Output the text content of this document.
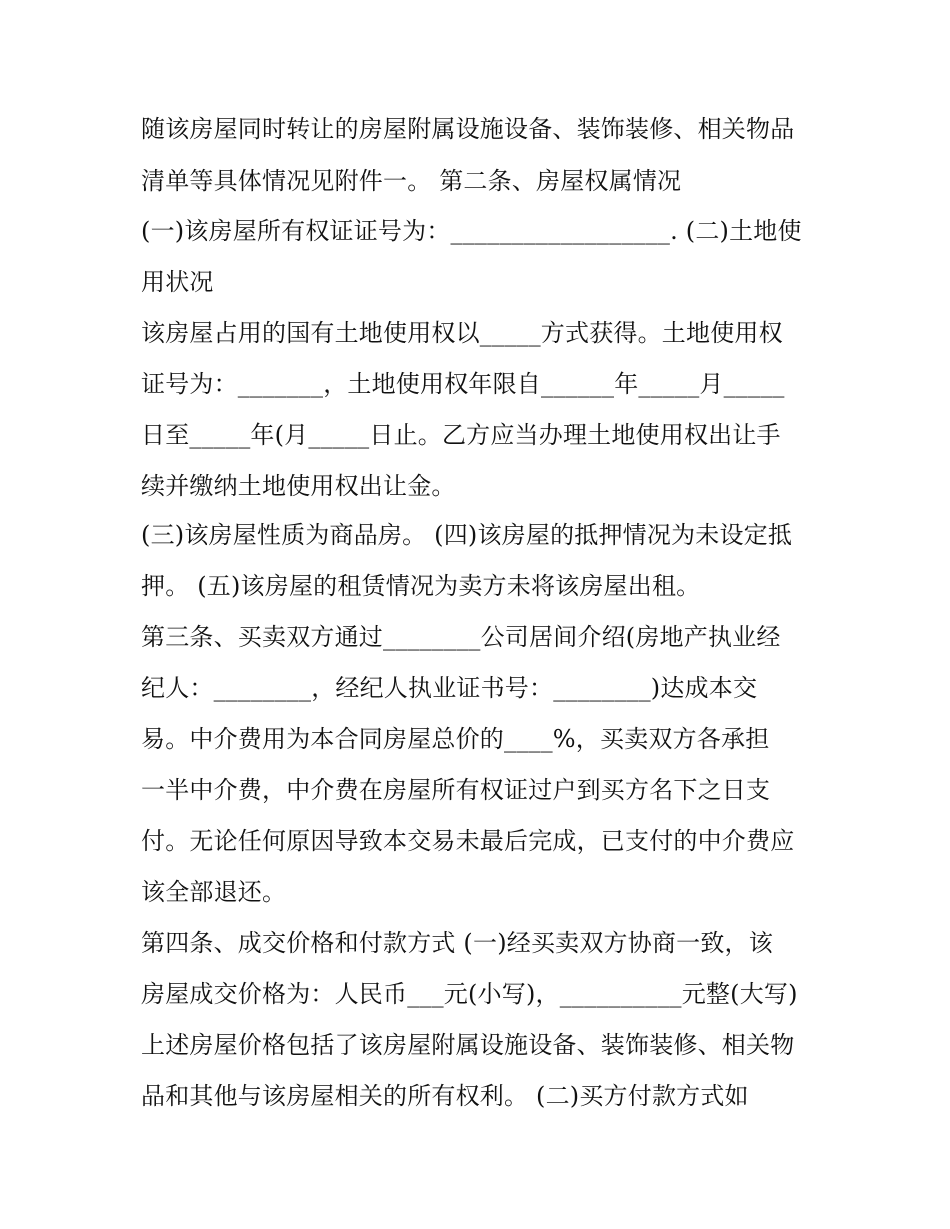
随该房屋同时转让的房屋附属设施设备、装饰装修、相关物品
清单等具体情况见附件一。 第二条、房屋权属情况
(一)该房屋所有权证证号为：__________________. (二)土地使
用状况
该房屋占用的国有土地使用权以_____方式获得。土地使用权
证号为：_______，土地使用权年限自______年_____月_____
日至_____年(月_____日止。乙方应当办理土地使用权出让手
续并缴纳土地使用权出让金。
(三)该房屋性质为商品房。 (四)该房屋的抵押情况为未设定抵
押。 (五)该房屋的租赁情况为卖方未将该房屋出租。
第三条、买卖双方通过________公司居间介绍(房地产执业经
纪人：________，经纪人执业证书号：________)达成本交
易。中介费用为本合同房屋总价的____%，买卖双方各承担
一半中介费，中介费在房屋所有权证过户到买方名下之日支
付。无论任何原因导致本交易未最后完成，已支付的中介费应
该全部退还。
第四条、成交价格和付款方式 (一)经买卖双方协商一致，该
房屋成交价格为：人民币___元(小写)，__________元整(大写)
上述房屋价格包括了该房屋附属设施设备、装饰装修、相关物
品和其他与该房屋相关的所有权利。 (二)买方付款方式如
